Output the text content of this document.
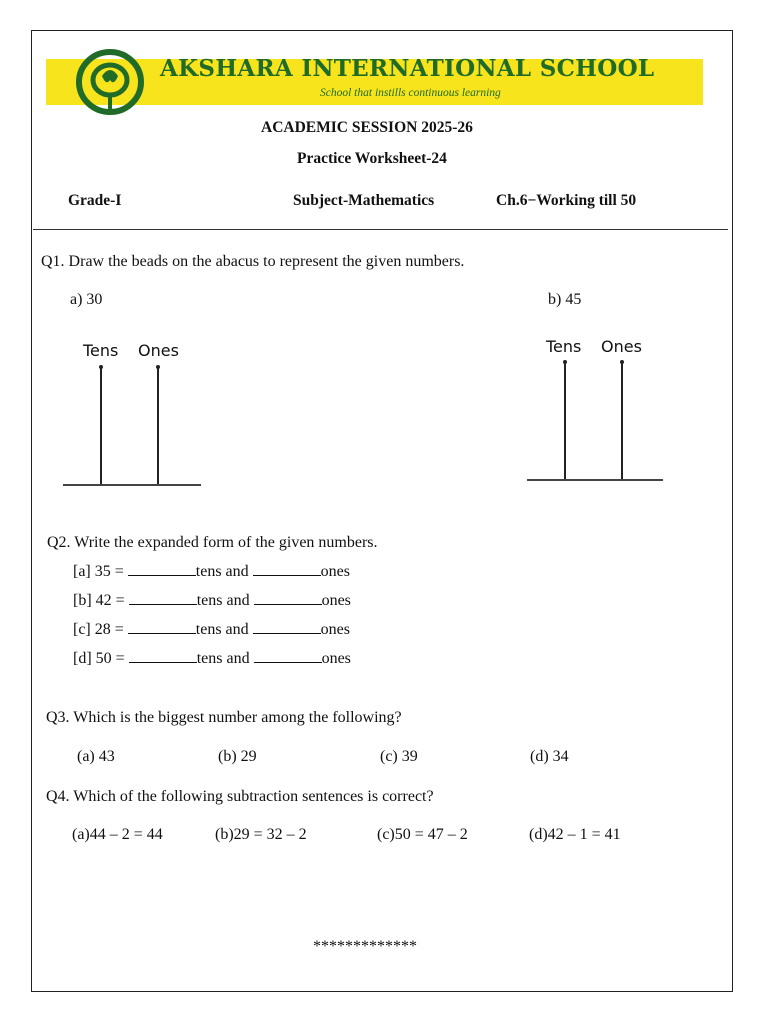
AKSHARA INTERNATIONAL SCHOOL
School that instills continuous learning
ACADEMIC SESSION 2025-26
Practice Worksheet-24
Grade-I	Subject-Mathematics	Ch.6−Working till 50
Q1. Draw the beads on the abacus to represent the given numbers.
a) 30	b) 45
Tens Ones	Tens Ones
Q2. Write the expanded form of the given numbers.
[a] 35 =	tens and	ones
[b] 42 =	tens and	ones
[c] 28 =	tens and	ones
[d] 50 =	tens and	ones
Q3. Which is the biggest number among the following?
(a) 43	(b) 29	(c) 39	(d) 34
Q4. Which of the following subtraction sentences is correct?
(a)44 – 2 = 44	(b)29 = 32 – 2	(c)50 = 47 – 2	(d)42 – 1 = 41
*************
